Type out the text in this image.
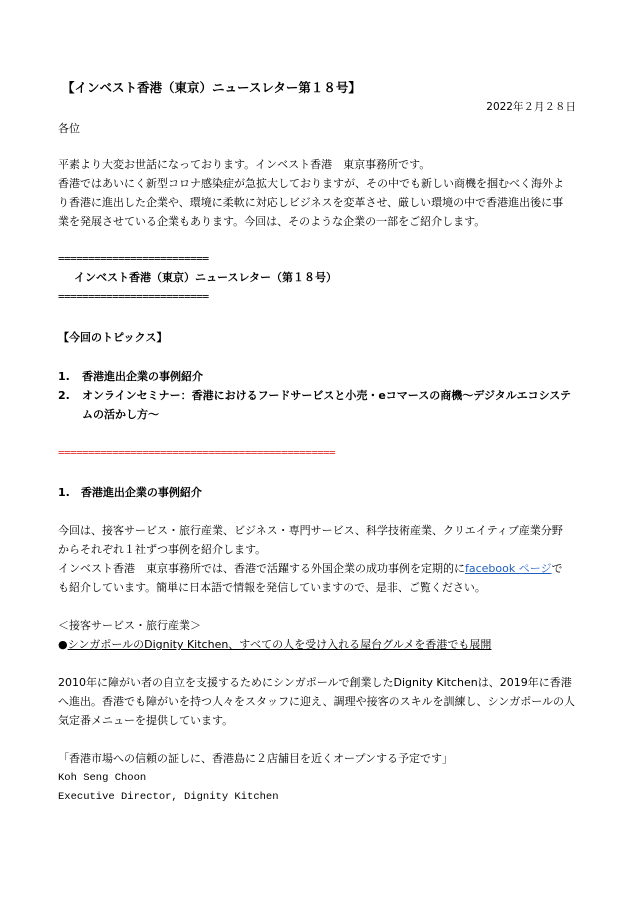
【インベスト香港（東京）ニュースレター第１８号】
2022年２月２８日
各位
平素より大変お世話になっております。インベスト香港　東京事務所です。
香港ではあいにく新型コロナ感染症が急拡大しておりますが、その中でも新しい商機を掴むべく海外よ
り香港に進出した企業や、環境に柔軟に対応しビジネスを変革させ、厳しい環境の中で香港進出後に事
業を発展させている企業もあります。今回は、そのような企業の一部をご紹介します。
=========================
インベスト香港（東京）ニュースレター（第１８号）
=========================
【今回のトピックス】
1. 香港進出企業の事例紹介
2. オンラインセミナー：香港におけるフードサービスと小売・eコマースの商機～デジタルエコシステ
ムの活かし方～
==============================================
1.　香港進出企業の事例紹介
今回は、接客サービス・旅行産業、ビジネス・専門サービス、科学技術産業、クリエイティブ産業分野
からそれぞれ１社ずつ事例を紹介します。
インベスト香港　東京事務所では、香港で活躍する外国企業の成功事例を定期的にfacebook ページで
も紹介しています。簡単に日本語で情報を発信していますので、是非、ご覧ください。
＜接客サービス・旅行産業＞
●シンガポールのDignity Kitchen、すべての人を受け入れる屋台グルメを香港でも展開
2010年に障がい者の自立を支援するためにシンガポールで創業したDignity Kitchenは、2019年に香港
へ進出。香港でも障がいを持つ人々をスタッフに迎え、調理や接客のスキルを訓練し、シンガポールの人
気定番メニューを提供しています。
「香港市場への信頼の証しに、香港島に２店舗目を近くオープンする予定です」
Koh Seng Choon
Executive Director, Dignity Kitchen
